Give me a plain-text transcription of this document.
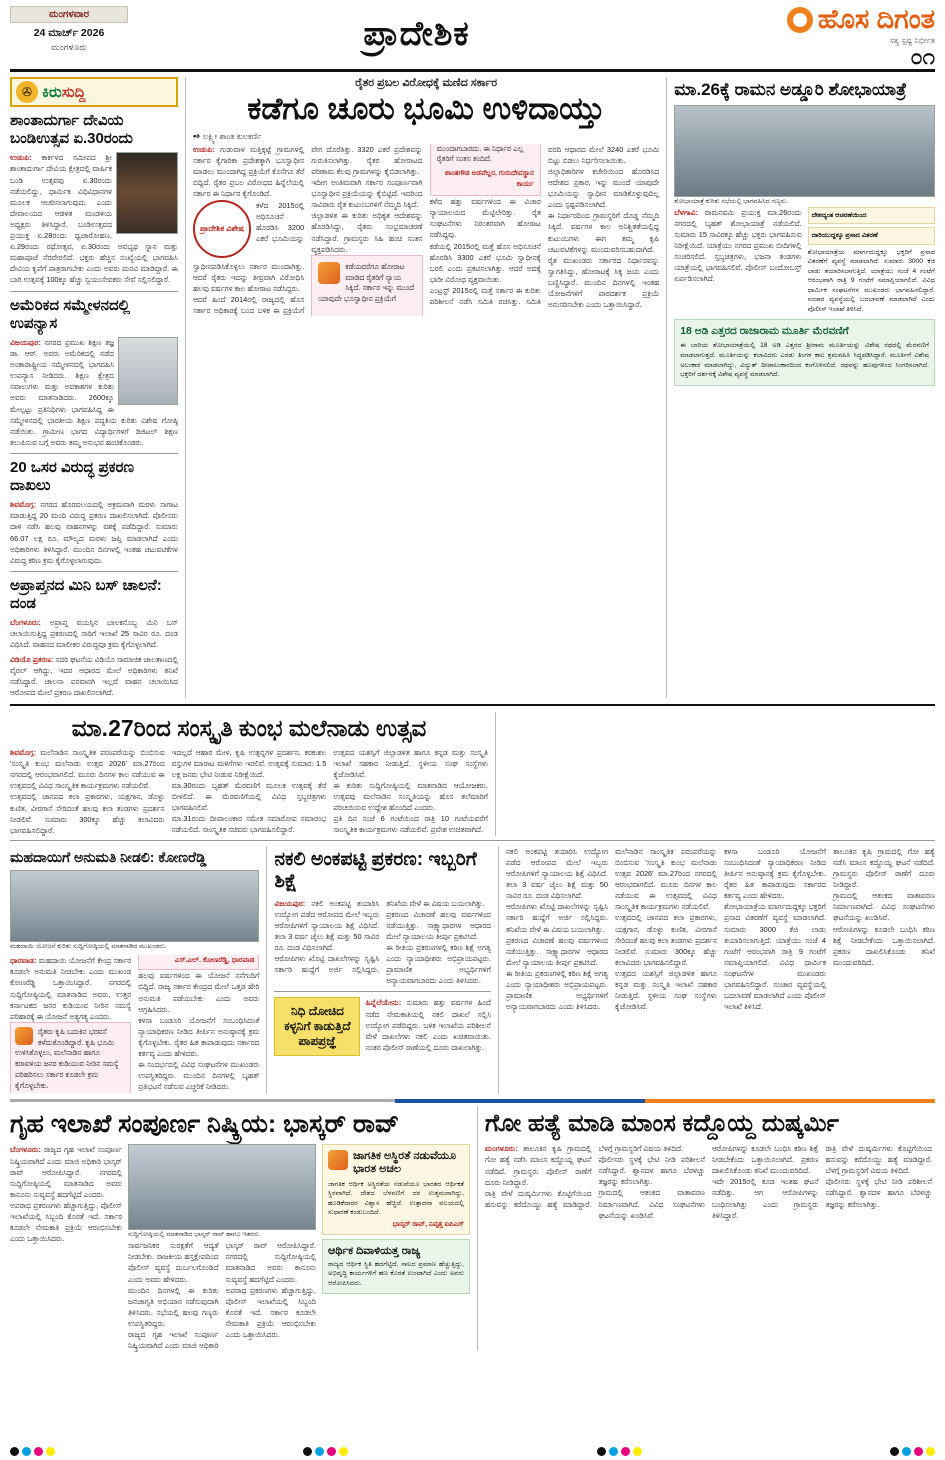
ಮಂಗಳವಾರ
24 ಮಾರ್ಚ್ 2026
ಮಂಗಳೂರು	ಪ್ರಾದೇಶಿಕ	ಹೊಸ ದಿಗಂತ
ಸತ್ಯ ಸ್ಪಷ್ಟ ನಿರ್ಭೀತ
೦೧
✇ ಕಿರುಸುದ್ದಿ
ಶಾಂತಾದುರ್ಗಾ ದೇವಿಯ ಬಂಡಿಉತ್ಸವ ಏ.30ರಂದು
ಉಡುಪಿ: ಕಾರ್ಕಳದ ಸಮೀಪದ ಶ್ರೀ ಶಾಂತಾದುರ್ಗಾ ದೇವಿಯ ಕ್ಷೇತ್ರದಲ್ಲಿ ವಾರ್ಷಿಕ ಬಂಡಿ ಉತ್ಸವವು ಏ.30ರಂದು ನಡೆಯಲಿದ್ದು, ಧಾರ್ಮಿಕ ವಿಧಿವಿಧಾನಗಳ ಮೂಲಕ ಆಚರಿಸಲಾಗುವುದು ಎಂದು ದೇವಾಲಯದ ಆಡಳಿತ ಮಂಡಳಿಯ ಅಧ್ಯಕ್ಷರು ತಿಳಿಸಿದ್ದಾರೆ. ಬಂಡಿಉತ್ಸವದ ಪ್ರಯುಕ್ತ ಏ.28ರಂದು ಧ್ವಜಾರೋಹಣ, ಏ.29ರಂದು ರಥೋತ್ಸವ, ಏ.30ರಂದು ಅವಭೃಥ ಸ್ನಾನ ಮತ್ತು ಮಹಾಪೂಜೆ ನೆರವೇರಲಿದೆ. ಭಕ್ತರು ಹೆಚ್ಚಿನ ಸಂಖ್ಯೆಯಲ್ಲಿ ಭಾಗವಹಿಸಿ ದೇವಿಯ ಕೃಪೆಗೆ ಪಾತ್ರರಾಗಬೇಕು ಎಂದು ಅವರು ಮನವಿ ಮಾಡಿದ್ದಾರೆ. ಈ ಬಾರಿ ಉತ್ಸವಕ್ಕೆ 100ಕ್ಕೂ ಹೆಚ್ಚು ಸ್ವಯಂಸೇವಕರು ಸೇವೆ ಸಲ್ಲಿಸಲಿದ್ದಾರೆ.
ಅಮೆರಿಕದ ಸಮ್ಮೇಳನದಲ್ಲಿ ಉಪನ್ಯಾಸ
ವಿಜಯಪುರ: ನಗರದ ಪ್ರಮುಖ ಶಿಕ್ಷಣ ತಜ್ಞ ಡಾ. ಆರ್. ಅವರು ಅಮೆರಿಕದಲ್ಲಿ ನಡೆದ ಅಂತಾರಾಷ್ಟ್ರೀಯ ಸಮ್ಮೇಳನದಲ್ಲಿ ಭಾಗವಹಿಸಿ ಉಪನ್ಯಾಸ ನೀಡಿದರು. ಶಿಕ್ಷಣ ಕ್ಷೇತ್ರದ ಸವಾಲುಗಳು ಮತ್ತು ಅವಕಾಶಗಳ ಕುರಿತು ಅವರು ಮಾತನಾಡಿದರು. 2600ಕ್ಕೂ ಮೇಲ್ಪಟ್ಟು ಪ್ರತಿನಿಧಿಗಳು ಭಾಗವಹಿಸಿದ್ದ ಈ ಸಮ್ಮೇಳನದಲ್ಲಿ ಭಾರತೀಯ ಶಿಕ್ಷಣ ಪದ್ಧತಿಯ ಕುರಿತು ವಿಶೇಷ ಗೋಷ್ಠಿ ನಡೆಯಿತು. ಗ್ರಾಮೀಣ ಭಾಗದ ವಿದ್ಯಾರ್ಥಿಗಳಿಗೆ ಡಿಜಿಟಲ್ ಶಿಕ್ಷಣ ತಲುಪಿಸುವ ಬಗ್ಗೆ ಅವರು ತಮ್ಮ ಅನುಭವ ಹಂಚಿಕೊಂಡರು.
20 ಒಸರ ವಿರುದ್ಧ ಪ್ರಕರಣ ದಾಖಲು
ಶಿವಮೊಗ್ಗ: ನಗರದ ಹೊರವಲಯದಲ್ಲಿ ಅಕ್ರಮವಾಗಿ ಮರಳು ಸಾಗಾಟ ಮಾಡುತ್ತಿದ್ದ 20 ಮಂದಿ ವಿರುದ್ಧ ಪ್ರಕರಣ ದಾಖಲಿಸಲಾಗಿದೆ. ಪೊಲೀಸರು ದಾಳಿ ನಡೆಸಿ ಹಲವು ವಾಹನಗಳನ್ನು ವಶಕ್ಕೆ ಪಡೆದಿದ್ದಾರೆ. ಸುಮಾರು 66.07 ಲಕ್ಷ ರೂ. ಮೌಲ್ಯದ ಮರಳು ಜಪ್ತಿ ಮಾಡಲಾಗಿದೆ ಎಂದು ಅಧಿಕಾರಿಗಳು ತಿಳಿಸಿದ್ದಾರೆ. ಮುಂದಿನ ದಿನಗಳಲ್ಲಿ ಇಂತಹ ಚಟುವಟಿಕೆಗಳ ವಿರುದ್ಧ ಕಠಿಣ ಕ್ರಮ ಕೈಗೊಳ್ಳಲಾಗುವುದು.
ಅಪ್ರಾಪ್ತನದ ಮಿನಿ ಬಸ್ ಚಾಲನೆ: ದಂಡ
ಬೆಂಗಳೂರು: ಅಪ್ರಾಪ್ತ ವಯಸ್ಸಿನ ಬಾಲಕನೊಬ್ಬ ಮಿನಿ ಬಸ್ ಚಲಾಯಿಸುತ್ತಿದ್ದ ಪ್ರಕರಣದಲ್ಲಿ ಸಾರಿಗೆ ಇಲಾಖೆ 25 ಸಾವಿರ ರೂ. ದಂಡ ವಿಧಿಸಿದೆ. ವಾಹನದ ಮಾಲೀಕರ ವಿರುದ್ಧವೂ ಕ್ರಮ ಕೈಗೊಳ್ಳಲಾಗಿದೆ.
ವಿಡಿಯೊ ಪ್ರಕರಣ: ಸದರಿ ಘಟನೆಯ ವಿಡಿಯೊ ಸಾಮಾಜಿಕ ಜಾಲತಾಣದಲ್ಲಿ ವೈರಲ್ ಆಗಿದ್ದು, ಇದರ ಆಧಾರದ ಮೇಲೆ ಅಧಿಕಾರಿಗಳು ತನಿಖೆ ನಡೆಸಿದ್ದಾರೆ. ಚಾಲನಾ ಪರವಾನಗಿ ಇಲ್ಲದೆ ವಾಹನ ಚಲಾಯಿಸಿದ ಆರೋಪದ ಮೇಲೆ ಪ್ರಕರಣ ದಾಖಲಿಸಲಾಗಿದೆ.
ರೈತರ ಪ್ರಬಲ ವಿರೋಧಕ್ಕೆ ಮಣಿದ ಸರ್ಕಾರ
ಕಡೆಗೂ ಚೂರು ಭೂಮಿ ಉಳಿದಾಯ್ತು
✒ ಲಕ್ಷ್ಮೀ ಶಾಂತ ಕುಲಕರ್ಣಿ
ಉಡುಪಿ: ಗುಡುವಾಳ ಮತ್ತಿಕ್ಕಟ್ಟೆ ಗ್ರಾಮಗಳಲ್ಲಿ ಸರ್ಕಾರ ಕೈಗಾರಿಕಾ ಪ್ರದೇಶಕ್ಕಾಗಿ ಭೂಸ್ವಾಧೀನ ಮಾಡಲು ಮುಂದಾಗಿದ್ದ ಪ್ರಕ್ರಿಯೆಗೆ ಕೊನೆಗೂ ತೆರೆ ಬಿದ್ದಿದೆ. ರೈತರ ಪ್ರಬಲ ವಿರೋಧದ ಹಿನ್ನೆಲೆಯಲ್ಲಿ ಸರ್ಕಾರ ಈ ನಿರ್ಧಾರ ಕೈಗೊಂಡಿದೆ.
ಪ್ರಾದೇಶಿಕ ವಿಶೇಷ
ಕಳೆದ 2015ರಲ್ಲಿ ಅಧಿಸೂಚನೆ ಹೊರಡಿಸಿ 3200 ಎಕರೆ ಭೂಮಿಯನ್ನು ಸ್ವಾಧೀನಪಡಿಸಿಕೊಳ್ಳಲು ಸರ್ಕಾರ ಮುಂದಾಗಿತ್ತು. ಆದರೆ ರೈತರು ಇದನ್ನು ತೀವ್ರವಾಗಿ ವಿರೋಧಿಸಿ ಹಲವು ವರ್ಷಗಳ ಕಾಲ ಹೋರಾಟ ನಡೆಸಿದ್ದರು.
ಆದರೆ ಹಿಂದೆ 2014ರಲ್ಲಿ ರಾಜ್ಯದಲ್ಲಿ ಹೊಸ ಸರ್ಕಾರ ಅಧಿಕಾರಕ್ಕೆ ಬಂದ ಬಳಿಕ ಈ ಪ್ರಕ್ರಿಯೆಗೆ ವೇಗ ದೊರೆತಿತ್ತು. 3320 ಎಕರೆ ಪ್ರದೇಶವನ್ನು ಗುರುತಿಸಲಾಗಿತ್ತು. ರೈತರ ಹೋರಾಟದ ಪರಿಣಾಮ ಕೆಲವು ಗ್ರಾಮಗಳನ್ನು ಕೈಬಿಡಲಾಗಿತ್ತು.
ಇದೀಗ ಅಂತಿಮವಾಗಿ ಸರ್ಕಾರ ಸಂಪೂರ್ಣವಾಗಿ ಭೂಸ್ವಾಧೀನ ಪ್ರಕ್ರಿಯೆಯನ್ನು ಕೈಬಿಟ್ಟಿದೆ. ಇದರಿಂದ ಸಾವಿರಾರು ರೈತ ಕುಟುಂಬಗಳಿಗೆ ನೆಮ್ಮದಿ ಸಿಕ್ಕಿದೆ.
ಜಿಲ್ಲಾಡಳಿತ ಈ ಕುರಿತು ಅಧಿಕೃತ ಆದೇಶವನ್ನು ಹೊರಡಿಸಿದ್ದು, ರೈತರು ಸಂಭ್ರಮಾಚರಣೆ ನಡೆಸಿದ್ದಾರೆ. ಗ್ರಾಮಸ್ಥರು ಸಿಹಿ ಹಂಚಿ ಸಂತಸ ವ್ಯಕ್ತಪಡಿಸಿದರು.
ಕಡೆಯವರೆಗೂ ಹೋರಾಟ ಮಾಡಿದ ರೈತರಿಗೆ ನ್ಯಾಯ ಸಿಕ್ಕಿದೆ. ಸರ್ಕಾರ ಇನ್ನು ಮುಂದೆ ಯಾವುದೇ ಭೂಸ್ವಾಧೀನ ಪ್ರಕ್ರಿಯೆಗೆ ಮುಂದಾಗಬಾರದು. ಈ ನಿರ್ಧಾರ ಎಲ್ಲ ರೈತರಿಗೆ ಸಂತಸ ತಂದಿದೆ.
ಶಾಂತಗೌಡ ಅಡವೆಲ್ಲರ, ಗುರುದೇವಸ್ಥಾನ ಕಾರ್ಯ
ಕಳೆದ ಹತ್ತು ವರ್ಷಗಳಿಂದ ಈ ವಿಚಾರ ನ್ಯಾಯಾಲಯದ ಮೆಟ್ಟಿಲೇರಿತ್ತು. ರೈತ ಸಂಘಟನೆಗಳು ನಿರಂತರವಾಗಿ ಹೋರಾಟ ನಡೆಸಿದ್ದವು.
ಕಡೆಯಲ್ಲಿ 2015ರಲ್ಲಿ ಮತ್ತೆ ಹೊಸ ಅಧಿಸೂಚನೆ ಹೊರಡಿಸಿ 3300 ಎಕರೆ ಭೂಮಿ ಸ್ವಾಧೀನಕ್ಕೆ ಬರಲಿ ಎಂದು ಪ್ರಕಟಿಸಲಾಗಿತ್ತು. ಆದರೆ ಅದಕ್ಕೆ ಭಾರೀ ವಿರೋಧ ವ್ಯಕ್ತವಾಯಿತು.
ಎಂಟ್ರಸ್ಟ್ 2015ರಲ್ಲಿ ಮತ್ತೆ ಸರ್ಕಾರ ಈ ಕುರಿತು ಪರಿಶೀಲನೆ ನಡೆಸಿ ಸಮಿತಿ ರಚಿಸಿತ್ತು. ಸಮಿತಿ ವರದಿ ಆಧಾರದ ಮೇಲೆ 3240 ಎಕರೆ ಭೂಮಿ ಬಿಟ್ಟು ಬಿಡಲು ನಿರ್ಧರಿಸಲಾಯಿತು.
ಜಿಲ್ಲಾಧಿಕಾರಿಗಳ ಕಚೇರಿಯಿಂದ ಹೊರಡಿಸಿದ ಆದೇಶದ ಪ್ರಕಾರ, ಇನ್ನು ಮುಂದೆ ಯಾವುದೇ ಭೂಮಿಯನ್ನು ಸ್ವಾಧೀನ ಮಾಡಿಕೊಳ್ಳುವುದಿಲ್ಲ ಎಂದು ಸ್ಪಷ್ಟಪಡಿಸಲಾಗಿದೆ.
ಈ ನಿರ್ಧಾರದಿಂದ ಗ್ರಾಮಸ್ಥರಿಗೆ ದೊಡ್ಡ ನೆಮ್ಮದಿ ಸಿಕ್ಕಿದೆ. ವರ್ಷಗಳ ಕಾಲ ಅನಿಶ್ಚಿತತೆಯಲ್ಲಿದ್ದ ಕುಟುಂಬಗಳು ಈಗ ತಮ್ಮ ಕೃಷಿ ಚಟುವಟಿಕೆಗಳನ್ನು ಮುಂದುವರಿಸಬಹುದಾಗಿದೆ.
ರೈತ ಮುಖಂಡರು ಸರ್ಕಾರದ ನಿರ್ಧಾರವನ್ನು ಸ್ವಾಗತಿಸಿದ್ದು, ಹೋರಾಟಕ್ಕೆ ಸಿಕ್ಕ ಜಯ ಎಂದು ಬಣ್ಣಿಸಿದ್ದಾರೆ. ಮುಂದಿನ ದಿನಗಳಲ್ಲಿ ಇಂತಹ ಯೋಜನೆಗಳಿಗೆ ಪಾರದರ್ಶಕ ಪ್ರಕ್ರಿಯೆ ಅನುಸರಿಸಬೇಕು ಎಂದು ಒತ್ತಾಯಿಸಿದ್ದಾರೆ.
ಮಾ.26ಕ್ಕೆ ರಾಮನ ಅಡ್ಡೂರಿ ಶೋಭಾಯಾತ್ರೆ
ಶೋಭಾಯಾತ್ರೆ ಕುರಿತು ಸಭೆಯಲ್ಲಿ ಭಾಗವಹಿಸಿದ ಗಣ್ಯರು.
ಬೆಳಗಾವಿ: ರಾಮನವಮಿ ಪ್ರಯುಕ್ತ ಮಾ.26ರಂದು ನಗರದಲ್ಲಿ ಬೃಹತ್ ಶೋಭಾಯಾತ್ರೆ ನಡೆಯಲಿದೆ. ಸುಮಾರು 15 ಸಾವಿರಕ್ಕೂ ಹೆಚ್ಚು ಭಕ್ತರು ಭಾಗವಹಿಸುವ ನಿರೀಕ್ಷೆಯಿದೆ. ಯಾತ್ರೆಯು ನಗರದ ಪ್ರಮುಖ ಬೀದಿಗಳಲ್ಲಿ ಸಂಚರಿಸಲಿದೆ. ಸ್ತಬ್ಧಚಿತ್ರಗಳು, ಭಜನಾ ತಂಡಗಳು ಯಾತ್ರೆಯಲ್ಲಿ ಭಾಗವಹಿಸಲಿವೆ. ಪೊಲೀಸ್ ಬಂದೋಬಸ್ತ್ ಏರ್ಪಡಿಸಲಾಗಿದೆ.
ದೇಶದ್ಯಂತ ಆಚರಣೆಯಿಂದ
ದಾರಿಯುದ್ದಕ್ಕೂ ಪ್ರಸಾದ ವಿತರಣೆ
ಶೋಭಾಯಾತ್ರೆಯ ಮಾರ್ಗದುದ್ದಕ್ಕೂ ಭಕ್ತರಿಗೆ ಪ್ರಸಾದ ವಿತರಣೆಗೆ ವ್ಯವಸ್ಥೆ ಮಾಡಲಾಗಿದೆ. ಸುಮಾರು 3000 ಕೆಜಿ ಲಾಡು ತಯಾರಿಸಲಾಗುತ್ತಿದೆ. ಯಾತ್ರೆಯು ಸಂಜೆ 4 ಗಂಟೆಗೆ ಆರಂಭವಾಗಿ ರಾತ್ರಿ 9 ಗಂಟೆಗೆ ಸಮಾಪ್ತಿಯಾಗಲಿದೆ. ವಿವಿಧ ಧಾರ್ಮಿಕ ಸಂಘಟನೆಗಳ ಮುಖಂಡರು ಭಾಗವಹಿಸಲಿದ್ದಾರೆ. ಸಂಚಾರ ವ್ಯವಸ್ಥೆಯಲ್ಲಿ ಬದಲಾವಣೆ ಮಾಡಲಾಗಿದೆ ಎಂದು ಪೊಲೀಸ್ ಇಲಾಖೆ ತಿಳಿಸಿದೆ.
18 ಅಡಿ ಎತ್ತರದ ರಾಜಾರಾಮ ಮೂರ್ತಿ ಮೆರವಣಿಗೆ
ಈ ಬಾರಿಯ ಶೋಭಾಯಾತ್ರೆಯಲ್ಲಿ 18 ಅಡಿ ಎತ್ತರದ ಶ್ರೀರಾಮ ಮೂರ್ತಿಯನ್ನು ವಿಶೇಷ ರಥದಲ್ಲಿ ಮೆರವಣಿಗೆ ಮಾಡಲಾಗುತ್ತದೆ. ಮೂರ್ತಿಯನ್ನು ಕಲಾವಿದರು ಎರಡು ತಿಂಗಳ ಕಾಲ ಶ್ರಮವಹಿಸಿ ಸಿದ್ಧಪಡಿಸಿದ್ದಾರೆ. ಮೂರ್ತಿಗೆ ವಿಶೇಷ ಅಲಂಕಾರ ಮಾಡಲಾಗಿದ್ದು, ವಿದ್ಯುತ್ ದೀಪಾಲಂಕಾರದಿಂದ ಕಂಗೊಳಿಸಲಿದೆ. ರಥವನ್ನು ಹೂವುಗಳಿಂದ ಸಿಂಗರಿಸಲಾಗಿದೆ. ಭಕ್ತರಿಗೆ ದರ್ಶನಕ್ಕೆ ವಿಶೇಷ ವ್ಯವಸ್ಥೆ ಮಾಡಲಾಗಿದೆ.
ಮಾ.27ರಿಂದ ಸಂಸ್ಕೃತಿ ಕುಂಭ ಮಲೆನಾಡು ಉತ್ಸವ
ಶಿವಮೊಗ್ಗ: ಮಲೆನಾಡಿನ ಸಾಂಸ್ಕೃತಿಕ ಪರಂಪರೆಯನ್ನು ಬಿಂಬಿಸುವ 'ಸಂಸ್ಕೃತಿ ಕುಂಭ ಮಲೆನಾಡು ಉತ್ಸವ 2026' ಮಾ.27ರಿಂದ ನಗರದಲ್ಲಿ ಆರಂಭವಾಗಲಿದೆ. ಮೂರು ದಿನಗಳ ಕಾಲ ನಡೆಯುವ ಈ ಉತ್ಸವದಲ್ಲಿ ವಿವಿಧ ಸಾಂಸ್ಕೃತಿಕ ಕಾರ್ಯಕ್ರಮಗಳು ನಡೆಯಲಿವೆ.
ಉತ್ಸವದಲ್ಲಿ ಜಾನಪದ ಕಲಾ ಪ್ರಕಾರಗಳು, ಯಕ್ಷಗಾನ, ಡೊಳ್ಳು ಕುಣಿತ, ವೀರಗಾಸೆ ಸೇರಿದಂತೆ ಹಲವು ಕಲಾ ತಂಡಗಳು ಪ್ರದರ್ಶನ ನೀಡಲಿವೆ. ಸುಮಾರು 300ಕ್ಕೂ ಹೆಚ್ಚು ಕಲಾವಿದರು ಭಾಗವಹಿಸಲಿದ್ದಾರೆ.
ಇದಲ್ಲದೆ ಆಹಾರ ಮೇಳ, ಕೃಷಿ ಉತ್ಪನ್ನಗಳ ಪ್ರದರ್ಶನ, ಕರಕುಶಲ ವಸ್ತುಗಳ ಮಾರಾಟ ಮಳಿಗೆಗಳು ಇರಲಿವೆ. ಉತ್ಸವಕ್ಕೆ ಸುಮಾರು 1.5 ಲಕ್ಷ ಜನರು ಭೇಟಿ ನೀಡುವ ನಿರೀಕ್ಷೆಯಿದೆ.
ಮಾ.30ರಂದು ಬೃಹತ್ ಮೆರವಣಿಗೆ ಮೂಲಕ ಉತ್ಸವಕ್ಕೆ ತೆರೆ ಬೀಳಲಿದೆ. ಈ ಮೆರವಣಿಗೆಯಲ್ಲಿ ವಿವಿಧ ಸ್ತಬ್ಧಚಿತ್ರಗಳು ಭಾಗವಹಿಸಲಿವೆ.
ಮಾ.31ರಂದು ದೀಪಾಲಂಕಾರ ಸಮೇತ ಸಮಾರೋಪ ಸಮಾರಂಭ ನಡೆಯಲಿದೆ. ಸಾಂಸ್ಕೃತಿಕ ಸಚಿವರು ಭಾಗವಹಿಸಲಿದ್ದಾರೆ.
ಉತ್ಸವದ ಯಶಸ್ಸಿಗೆ ಜಿಲ್ಲಾಡಳಿತ ಹಾಗೂ ಕನ್ನಡ ಮತ್ತು ಸಂಸ್ಕೃತಿ ಇಲಾಖೆ ಸಹಕಾರ ನೀಡುತ್ತಿದೆ. ಸ್ಥಳೀಯ ಸಂಘ ಸಂಸ್ಥೆಗಳು ಕೈಜೋಡಿಸಿವೆ.
ಈ ಕುರಿತು ಸುದ್ದಿಗೋಷ್ಠಿಯಲ್ಲಿ ಮಾತನಾಡಿದ ಆಯೋಜಕರು, ಉತ್ಸವವು ಮಲೆನಾಡಿನ ಸಂಸ್ಕೃತಿಯನ್ನು ಹೊಸ ತಲೆಮಾರಿಗೆ ಪರಿಚಯಿಸುವ ಉದ್ದೇಶ ಹೊಂದಿದೆ ಎಂದರು.
ಪ್ರತಿ ದಿನ ಸಂಜೆ 6 ಗಂಟೆಯಿಂದ ರಾತ್ರಿ 10 ಗಂಟೆಯವರೆಗೆ ಸಾಂಸ್ಕೃತಿಕ ಕಾರ್ಯಕ್ರಮಗಳು ನಡೆಯಲಿವೆ. ಪ್ರವೇಶ ಉಚಿತವಾಗಿದೆ.
ಮಹದಾಯಿಗೆ ಅನುಮತಿ ನೀಡಲಿ: ಕೋಣರೆಡ್ಡಿ
ಮಹದಾಯಿ ಯೋಜನೆ ಕುರಿತು ಸುದ್ದಿಗೋಷ್ಠಿಯಲ್ಲಿ ಮಾತನಾಡಿದ ಮುಖಂಡರು.
ಧಾರವಾಡ: ಮಹದಾಯಿ ಯೋಜನೆಗೆ ಕೇಂದ್ರ ಸರ್ಕಾರ ಕೂಡಲೇ ಅನುಮತಿ ನೀಡಬೇಕು ಎಂದು ಮುಖಂಡ ಕೋಣರೆಡ್ಡಿ ಒತ್ತಾಯಿಸಿದ್ದಾರೆ. ನಗರದಲ್ಲಿ ಸುದ್ದಿಗೋಷ್ಠಿಯಲ್ಲಿ ಮಾತನಾಡಿದ ಅವರು, ಉತ್ತರ ಕರ್ನಾಟಕದ ಜನರ ಕುಡಿಯುವ ನೀರಿನ ಸಮಸ್ಯೆ ಪರಿಹಾರಕ್ಕೆ ಈ ಯೋಜನೆ ಅತ್ಯಗತ್ಯ ಎಂದರು.
ರೈತರು ಕೃಷಿ ಬದುಕಿನ ಭರವಸೆ ಕಳೆದುಕೊಂಡಿದ್ದಾರೆ. ಕೃಷಿ ಭೂಮಿ ಉಳಿಸಿಕೊಳ್ಳಲು, ಮಲೆನಾಡಿನ ಹಾಗೂ ಕರಾವಳಿಯ ಜನರ ಕುಡಿಯುವ ನೀರಿನ ಸಮಸ್ಯೆ ಪರಿಹರಿಸಲು ಸರ್ಕಾರ ಕೂಡಲೇ ಕ್ರಮ ಕೈಗೊಳ್ಳಬೇಕು.
ಎಸ್.ಎಲ್. ಕೋಣರೆಡ್ಡಿ, ಧಾರವಾಡ
ಹಲವು ವರ್ಷಗಳಿಂದ ಈ ಯೋಜನೆ ನನೆಗುದಿಗೆ ಬಿದ್ದಿದೆ. ರಾಜ್ಯ ಸರ್ಕಾರ ಕೇಂದ್ರದ ಮೇಲೆ ಒತ್ತಡ ಹೇರಿ ಅನುಮತಿ ಪಡೆಯಬೇಕು ಎಂದು ಅವರು ಆಗ್ರಹಿಸಿದರು.
ಕಳಸಾ ಬಂಡೂರಿ ಯೋಜನೆಗೆ ಸಂಬಂಧಿಸಿದಂತೆ ನ್ಯಾಯಾಧಿಕರಣ ನೀಡಿದ ತೀರ್ಪಿನ ಅನುಷ್ಠಾನಕ್ಕೆ ಕ್ರಮ ಕೈಗೊಳ್ಳಬೇಕು. ರೈತರ ಹಿತ ಕಾಪಾಡುವುದು ಸರ್ಕಾರದ ಕರ್ತವ್ಯ ಎಂದು ಹೇಳಿದರು.
ಈ ಸಂದರ್ಭದಲ್ಲಿ ವಿವಿಧ ಸಂಘಟನೆಗಳ ಮುಖಂಡರು ಉಪಸ್ಥಿತರಿದ್ದರು. ಮುಂದಿನ ದಿನಗಳಲ್ಲಿ ಬೃಹತ್ ಪ್ರತಿಭಟನೆ ನಡೆಸುವ ಎಚ್ಚರಿಕೆ ನೀಡಿದರು.
ನಕಲಿ ಅಂಕಪಟ್ಟಿ ಪ್ರಕರಣ: ಇಬ್ಬರಿಗೆ ಶಿಕ್ಷೆ
ವಿಜಯಪುರ: ನಕಲಿ ಅಂಕಪಟ್ಟಿ ತಯಾರಿಸಿ ಉದ್ಯೋಗ ಪಡೆದ ಆರೋಪದ ಮೇಲೆ ಇಬ್ಬರು ಆರೋಪಿಗಳಿಗೆ ನ್ಯಾಯಾಲಯ ಶಿಕ್ಷೆ ವಿಧಿಸಿದೆ. ತಲಾ 3 ವರ್ಷ ಜೈಲು ಶಿಕ್ಷೆ ಮತ್ತು 50 ಸಾವಿರ ರೂ. ದಂಡ ವಿಧಿಸಲಾಗಿದೆ.
ಆರೋಪಿಗಳು ಖೊಟ್ಟಿ ದಾಖಲೆಗಳನ್ನು ಸೃಷ್ಟಿಸಿ ಸರ್ಕಾರಿ ಹುದ್ದೆಗೆ ಅರ್ಜಿ ಸಲ್ಲಿಸಿದ್ದರು. ತನಿಖೆಯ ವೇಳೆ ಈ ವಿಷಯ ಬಯಲಾಗಿತ್ತು.
ಪ್ರಕರಣದ ವಿಚಾರಣೆ ಹಲವು ವರ್ಷಗಳಿಂದ ನಡೆಯುತ್ತಿತ್ತು. ಸಾಕ್ಷ್ಯಾಧಾರಗಳ ಆಧಾರದ ಮೇಲೆ ನ್ಯಾಯಾಲಯ ತೀರ್ಪು ಪ್ರಕಟಿಸಿದೆ.
ಈ ರೀತಿಯ ಪ್ರಕರಣಗಳಲ್ಲಿ ಕಠಿಣ ಶಿಕ್ಷೆ ಅಗತ್ಯ ಎಂದು ನ್ಯಾಯಾಧೀಶರು ಅಭಿಪ್ರಾಯಪಟ್ಟರು. ಪ್ರಾಮಾಣಿಕ ಅಭ್ಯರ್ಥಿಗಳಿಗೆ ಅನ್ಯಾಯವಾಗಬಾರದು ಎಂದು ತಿಳಿಸಿದರು.
ನಿಧಿ ದೋಚಿದ ಕಳ್ಳನಿಗೆ ಕಾಡುತ್ತಿದೆ ಪಾಪಪ್ರಜ್ಞೆ
ಹಿನ್ನೆಲೆಯೇನು: ಸುಮಾರು ಹತ್ತು ವರ್ಷಗಳ ಹಿಂದೆ ನಡೆದ ನೇಮಕಾತಿಯಲ್ಲಿ ನಕಲಿ ದಾಖಲೆ ಸಲ್ಲಿಸಿ ಉದ್ಯೋಗ ಪಡೆದಿದ್ದರು. ಬಳಿಕ ಇಲಾಖೆಯ ಪರಿಶೀಲನೆ ವೇಳೆ ದಾಖಲೆಗಳು ನಕಲಿ ಎಂದು ಖಚಿತವಾಯಿತು. ನಂತರ ಪೊಲೀಸ್ ಠಾಣೆಯಲ್ಲಿ ದೂರು ದಾಖಲಾಗಿತ್ತು.
ನಕಲಿ ಅಂಕಪಟ್ಟಿ ತಯಾರಿಸಿ ಉದ್ಯೋಗ ಪಡೆದ ಆರೋಪದ ಮೇಲೆ ಇಬ್ಬರು ಆರೋಪಿಗಳಿಗೆ ನ್ಯಾಯಾಲಯ ಶಿಕ್ಷೆ ವಿಧಿಸಿದೆ. ತಲಾ 3 ವರ್ಷ ಜೈಲು ಶಿಕ್ಷೆ ಮತ್ತು 50 ಸಾವಿರ ರೂ. ದಂಡ ವಿಧಿಸಲಾಗಿದೆ.
ಆರೋಪಿಗಳು ಖೊಟ್ಟಿ ದಾಖಲೆಗಳನ್ನು ಸೃಷ್ಟಿಸಿ ಸರ್ಕಾರಿ ಹುದ್ದೆಗೆ ಅರ್ಜಿ ಸಲ್ಲಿಸಿದ್ದರು. ತನಿಖೆಯ ವೇಳೆ ಈ ವಿಷಯ ಬಯಲಾಗಿತ್ತು.
ಪ್ರಕರಣದ ವಿಚಾರಣೆ ಹಲವು ವರ್ಷಗಳಿಂದ ನಡೆಯುತ್ತಿತ್ತು. ಸಾಕ್ಷ್ಯಾಧಾರಗಳ ಆಧಾರದ ಮೇಲೆ ನ್ಯಾಯಾಲಯ ತೀರ್ಪು ಪ್ರಕಟಿಸಿದೆ.
ಈ ರೀತಿಯ ಪ್ರಕರಣಗಳಲ್ಲಿ ಕಠಿಣ ಶಿಕ್ಷೆ ಅಗತ್ಯ ಎಂದು ನ್ಯಾಯಾಧೀಶರು ಅಭಿಪ್ರಾಯಪಟ್ಟರು. ಪ್ರಾಮಾಣಿಕ ಅಭ್ಯರ್ಥಿಗಳಿಗೆ ಅನ್ಯಾಯವಾಗಬಾರದು ಎಂದು ತಿಳಿಸಿದರು.
ಮಲೆನಾಡಿನ ಸಾಂಸ್ಕೃತಿಕ ಪರಂಪರೆಯನ್ನು ಬಿಂಬಿಸುವ 'ಸಂಸ್ಕೃತಿ ಕುಂಭ ಮಲೆನಾಡು ಉತ್ಸವ 2026' ಮಾ.27ರಿಂದ ನಗರದಲ್ಲಿ ಆರಂಭವಾಗಲಿದೆ. ಮೂರು ದಿನಗಳ ಕಾಲ ನಡೆಯುವ ಈ ಉತ್ಸವದಲ್ಲಿ ವಿವಿಧ ಸಾಂಸ್ಕೃತಿಕ ಕಾರ್ಯಕ್ರಮಗಳು ನಡೆಯಲಿವೆ.
ಉತ್ಸವದಲ್ಲಿ ಜಾನಪದ ಕಲಾ ಪ್ರಕಾರಗಳು, ಯಕ್ಷಗಾನ, ಡೊಳ್ಳು ಕುಣಿತ, ವೀರಗಾಸೆ ಸೇರಿದಂತೆ ಹಲವು ಕಲಾ ತಂಡಗಳು ಪ್ರದರ್ಶನ ನೀಡಲಿವೆ. ಸುಮಾರು 300ಕ್ಕೂ ಹೆಚ್ಚು ಕಲಾವಿದರು ಭಾಗವಹಿಸಲಿದ್ದಾರೆ.
ಉತ್ಸವದ ಯಶಸ್ಸಿಗೆ ಜಿಲ್ಲಾಡಳಿತ ಹಾಗೂ ಕನ್ನಡ ಮತ್ತು ಸಂಸ್ಕೃತಿ ಇಲಾಖೆ ಸಹಕಾರ ನೀಡುತ್ತಿದೆ. ಸ್ಥಳೀಯ ಸಂಘ ಸಂಸ್ಥೆಗಳು ಕೈಜೋಡಿಸಿವೆ.
ಕಳಸಾ ಬಂಡೂರಿ ಯೋಜನೆಗೆ ಸಂಬಂಧಿಸಿದಂತೆ ನ್ಯಾಯಾಧಿಕರಣ ನೀಡಿದ ತೀರ್ಪಿನ ಅನುಷ್ಠಾನಕ್ಕೆ ಕ್ರಮ ಕೈಗೊಳ್ಳಬೇಕು. ರೈತರ ಹಿತ ಕಾಪಾಡುವುದು ಸರ್ಕಾರದ ಕರ್ತವ್ಯ ಎಂದು ಹೇಳಿದರು.
ಶೋಭಾಯಾತ್ರೆಯ ಮಾರ್ಗದುದ್ದಕ್ಕೂ ಭಕ್ತರಿಗೆ ಪ್ರಸಾದ ವಿತರಣೆಗೆ ವ್ಯವಸ್ಥೆ ಮಾಡಲಾಗಿದೆ. ಸುಮಾರು 3000 ಕೆಜಿ ಲಾಡು ತಯಾರಿಸಲಾಗುತ್ತಿದೆ. ಯಾತ್ರೆಯು ಸಂಜೆ 4 ಗಂಟೆಗೆ ಆರಂಭವಾಗಿ ರಾತ್ರಿ 9 ಗಂಟೆಗೆ ಸಮಾಪ್ತಿಯಾಗಲಿದೆ. ವಿವಿಧ ಧಾರ್ಮಿಕ ಸಂಘಟನೆಗಳ ಮುಖಂಡರು ಭಾಗವಹಿಸಲಿದ್ದಾರೆ. ಸಂಚಾರ ವ್ಯವಸ್ಥೆಯಲ್ಲಿ ಬದಲಾವಣೆ ಮಾಡಲಾಗಿದೆ ಎಂದು ಪೊಲೀಸ್ ಇಲಾಖೆ ತಿಳಿಸಿದೆ.
ತಾಲೂಕಿನ ಕೃಷಿ ಗ್ರಾಮದಲ್ಲಿ ಗೋ ಹತ್ಯೆ ನಡೆಸಿ ಮಾಂಸ ಕದ್ದೊಯ್ದ ಘಟನೆ ನಡೆದಿದೆ. ಗ್ರಾಮಸ್ಥರು ಪೊಲೀಸ್ ಠಾಣೆಗೆ ದೂರು ನೀಡಿದ್ದಾರೆ.
ಗ್ರಾಮದಲ್ಲಿ ಆತಂಕದ ವಾತಾವರಣ ನಿರ್ಮಾಣವಾಗಿದೆ. ವಿವಿಧ ಸಂಘಟನೆಗಳು ಘಟನೆಯನ್ನು ಖಂಡಿಸಿವೆ.
ಆರೋಪಿಗಳನ್ನು ಕೂಡಲೇ ಬಂಧಿಸಿ ಕಠಿಣ ಶಿಕ್ಷೆ ನೀಡಬೇಕೆಂದು ಒತ್ತಾಯಿಸಲಾಗಿದೆ. ಪ್ರಕರಣ ದಾಖಲಿಸಿಕೊಂಡು ತನಿಖೆ ಮುಂದುವರಿದಿದೆ.
ಗೃಹ ಇಲಾಖೆ ಸಂಪೂರ್ಣ ನಿಷ್ಕ್ರಿಯ: ಭಾಸ್ಕರ್ ರಾವ್
ಬೆಂಗಳೂರು: ರಾಜ್ಯದ ಗೃಹ ಇಲಾಖೆ ಸಂಪೂರ್ಣ ನಿಷ್ಕ್ರಿಯವಾಗಿದೆ ಎಂದು ಮಾಜಿ ಅಧಿಕಾರಿ ಭಾಸ್ಕರ್ ರಾವ್ ಆರೋಪಿಸಿದ್ದಾರೆ. ನಗರದಲ್ಲಿ ಸುದ್ದಿಗೋಷ್ಠಿಯಲ್ಲಿ ಮಾತನಾಡಿದ ಅವರು ಕಾನೂನು ಸುವ್ಯವಸ್ಥೆ ಹದಗೆಟ್ಟಿದೆ ಎಂದರು.
ಅಪರಾಧ ಪ್ರಕರಣಗಳು ಹೆಚ್ಚಾಗುತ್ತಿದ್ದು, ಪೊಲೀಸ್ ಇಲಾಖೆಯಲ್ಲಿ ಸಿಬ್ಬಂದಿ ಕೊರತೆ ಇದೆ. ಸರ್ಕಾರ ಕೂಡಲೇ ನೇಮಕಾತಿ ಪ್ರಕ್ರಿಯೆ ಆರಂಭಿಸಬೇಕು ಎಂದು ಒತ್ತಾಯಿಸಿದರು.	ಸುದ್ದಿಗೋಷ್ಠಿಯಲ್ಲಿ ಮಾತನಾಡಿದ ಭಾಸ್ಕರ್ ರಾವ್ ಹಾಗೂ ಇತರರು.
ಸಾರ್ವಜನಿಕರ ಸುರಕ್ಷತೆಗೆ ಆದ್ಯತೆ ನೀಡಬೇಕು. ರಾಜಕೀಯ ಹಸ್ತಕ್ಷೇಪದಿಂದ ಪೊಲೀಸ್ ವ್ಯವಸ್ಥೆ ದುರ್ಬಲಗೊಂಡಿದೆ ಎಂದು ಅವರು ಹೇಳಿದರು.
ಮುಂದಿನ ದಿನಗಳಲ್ಲಿ ಈ ಕುರಿತು ಜನಜಾಗೃತಿ ಅಭಿಯಾನ ನಡೆಸುವುದಾಗಿ ತಿಳಿಸಿದರು. ಸಭೆಯಲ್ಲಿ ಹಲವು ಗಣ್ಯರು ಉಪಸ್ಥಿತರಿದ್ದರು.
ರಾಜ್ಯದ ಗೃಹ ಇಲಾಖೆ ಸಂಪೂರ್ಣ ನಿಷ್ಕ್ರಿಯವಾಗಿದೆ ಎಂದು ಮಾಜಿ ಅಧಿಕಾರಿ ಭಾಸ್ಕರ್ ರಾವ್ ಆರೋಪಿಸಿದ್ದಾರೆ. ನಗರದಲ್ಲಿ ಸುದ್ದಿಗೋಷ್ಠಿಯಲ್ಲಿ ಮಾತನಾಡಿದ ಅವರು ಕಾನೂನು ಸುವ್ಯವಸ್ಥೆ ಹದಗೆಟ್ಟಿದೆ ಎಂದರು.
ಅಪರಾಧ ಪ್ರಕರಣಗಳು ಹೆಚ್ಚಾಗುತ್ತಿದ್ದು, ಪೊಲೀಸ್ ಇಲಾಖೆಯಲ್ಲಿ ಸಿಬ್ಬಂದಿ ಕೊರತೆ ಇದೆ. ಸರ್ಕಾರ ಕೂಡಲೇ ನೇಮಕಾತಿ ಪ್ರಕ್ರಿಯೆ ಆರಂಭಿಸಬೇಕು ಎಂದು ಒತ್ತಾಯಿಸಿದರು.
ಜಾಗತಿಕ ಅಸ್ಥಿರತೆ ನಡುವೆಯೂ ಭಾರತ ಅಚಲ
ಜಾಗತಿಕ ಆರ್ಥಿಕ ಅಸ್ಥಿರತೆಯ ನಡುವೆಯೂ ಭಾರತದ ಆರ್ಥಿಕತೆ ಸ್ಥಿರವಾಗಿದೆ. ದೇಶದ ಬೆಳವಣಿಗೆ ದರ ಉತ್ತಮವಾಗಿದ್ದು, ಹೂಡಿಕೆದಾರರ ವಿಶ್ವಾಸ ಹೆಚ್ಚಿದೆ. ಉತ್ಪಾದನಾ ವಲಯದಲ್ಲಿ ಸುಧಾರಣೆ ಕಂಡುಬಂದಿದೆ.
ಭಾಸ್ಕರ್ ರಾವ್, ನಿವೃತ್ತ ಐಪಿಎಸ್
ಆರ್ಥಿಕ ದಿವಾಳಿಯತ್ತ ರಾಜ್ಯ
ರಾಜ್ಯದ ಆರ್ಥಿಕ ಸ್ಥಿತಿ ಹದಗೆಟ್ಟಿದೆ. ಸಾಲದ ಪ್ರಮಾಣ ಹೆಚ್ಚುತ್ತಿದ್ದು, ಅಭಿವೃದ್ಧಿ ಕಾರ್ಯಗಳಿಗೆ ಹಣ ಕೊರತೆ ಉಂಟಾಗಿದೆ ಎಂದು ಅವರು ಆರೋಪಿಸಿದರು.
ಗೋ ಹತ್ಯೆ ಮಾಡಿ ಮಾಂಸ ಕದ್ದೊಯ್ದ ದುಷ್ಕರ್ಮಿ
ಮಂಗಳೂರು: ತಾಲೂಕಿನ ಕೃಷಿ ಗ್ರಾಮದಲ್ಲಿ ಗೋ ಹತ್ಯೆ ನಡೆಸಿ ಮಾಂಸ ಕದ್ದೊಯ್ದ ಘಟನೆ ನಡೆದಿದೆ. ಗ್ರಾಮಸ್ಥರು ಪೊಲೀಸ್ ಠಾಣೆಗೆ ದೂರು ನೀಡಿದ್ದಾರೆ.
ರಾತ್ರಿ ವೇಳೆ ದುಷ್ಕರ್ಮಿಗಳು ಕೊಟ್ಟಿಗೆಯಿಂದ ಹಸುವನ್ನು ಕರೆದೊಯ್ದು ಹತ್ಯೆ ಮಾಡಿದ್ದಾರೆ. ಬೆಳಗ್ಗೆ ಗ್ರಾಮಸ್ಥರಿಗೆ ವಿಷಯ ತಿಳಿದಿದೆ.
ಪೊಲೀಸರು ಸ್ಥಳಕ್ಕೆ ಭೇಟಿ ನೀಡಿ ಪರಿಶೀಲನೆ ನಡೆಸಿದ್ದಾರೆ. ಶ್ವಾನದಳ ಹಾಗೂ ಬೆರಳಚ್ಚು ತಜ್ಞರನ್ನು ಕರೆಸಲಾಗಿತ್ತು.
ಗ್ರಾಮದಲ್ಲಿ ಆತಂಕದ ವಾತಾವರಣ ನಿರ್ಮಾಣವಾಗಿದೆ. ವಿವಿಧ ಸಂಘಟನೆಗಳು ಘಟನೆಯನ್ನು ಖಂಡಿಸಿವೆ.
ಆರೋಪಿಗಳನ್ನು ಕೂಡಲೇ ಬಂಧಿಸಿ ಕಠಿಣ ಶಿಕ್ಷೆ ನೀಡಬೇಕೆಂದು ಒತ್ತಾಯಿಸಲಾಗಿದೆ. ಪ್ರಕರಣ ದಾಖಲಿಸಿಕೊಂಡು ತನಿಖೆ ಮುಂದುವರಿದಿದೆ.
ಇದೇ 2015ರಲ್ಲಿ ಕೂಡ ಇಂತಹ ಘಟನೆ ನಡೆದಿತ್ತು. ಆಗ ಆರೋಪಿಗಳನ್ನು ಬಂಧಿಸಲಾಗಿತ್ತು ಎಂದು ಗ್ರಾಮಸ್ಥರು ತಿಳಿಸಿದ್ದಾರೆ.
ರಾತ್ರಿ ವೇಳೆ ದುಷ್ಕರ್ಮಿಗಳು ಕೊಟ್ಟಿಗೆಯಿಂದ ಹಸುವನ್ನು ಕರೆದೊಯ್ದು ಹತ್ಯೆ ಮಾಡಿದ್ದಾರೆ. ಬೆಳಗ್ಗೆ ಗ್ರಾಮಸ್ಥರಿಗೆ ವಿಷಯ ತಿಳಿದಿದೆ.
ಪೊಲೀಸರು ಸ್ಥಳಕ್ಕೆ ಭೇಟಿ ನೀಡಿ ಪರಿಶೀಲನೆ ನಡೆಸಿದ್ದಾರೆ. ಶ್ವಾನದಳ ಹಾಗೂ ಬೆರಳಚ್ಚು ತಜ್ಞರನ್ನು ಕರೆಸಲಾಗಿತ್ತು.
